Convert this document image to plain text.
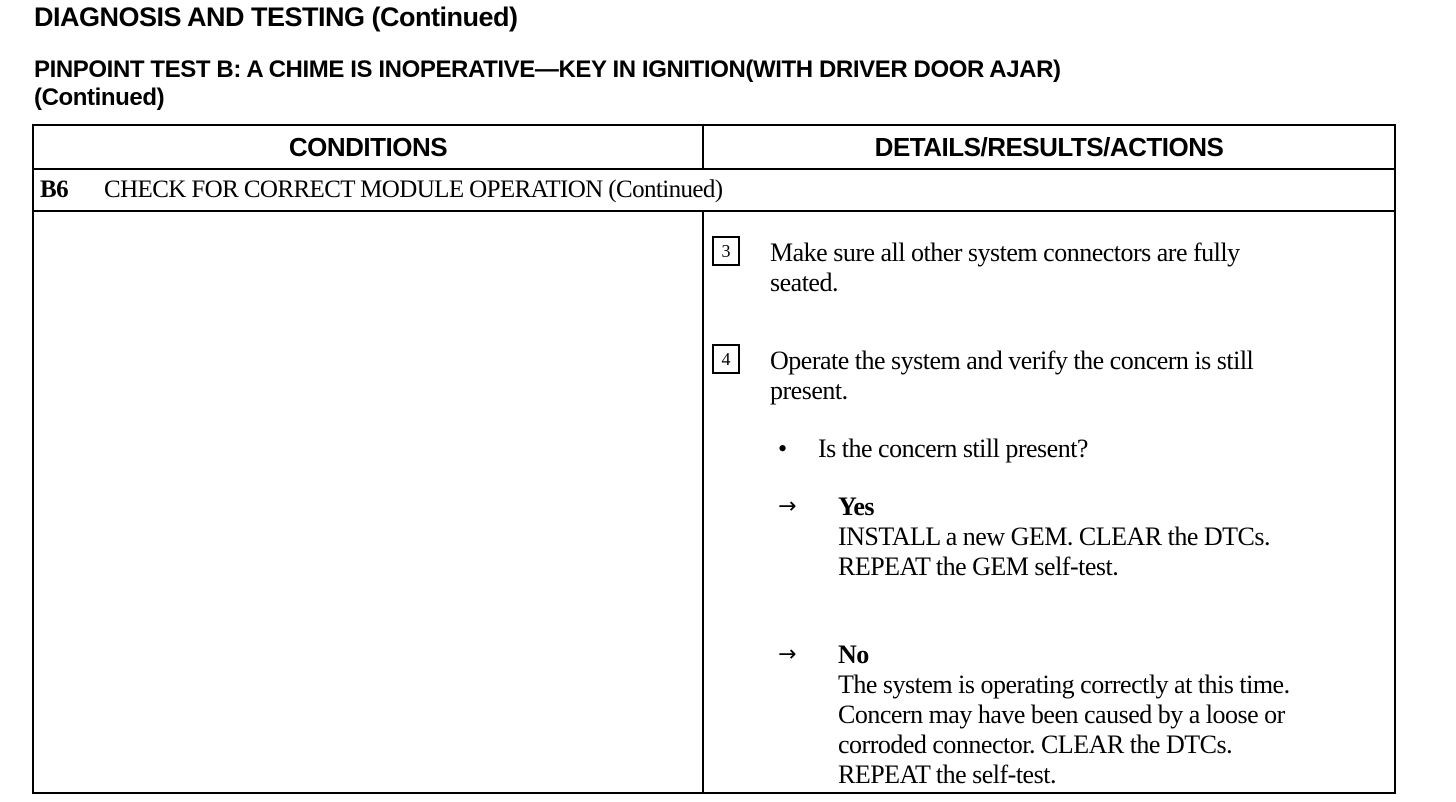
DIAGNOSIS AND TESTING (Continued)
PINPOINT TEST B: A CHIME IS INOPERATIVE—KEY IN IGNITION(WITH DRIVER DOOR AJAR)
(Continued)
CONDITIONS	DETAILS/RESULTS/ACTIONS
B6 CHECK FOR CORRECT MODULE OPERATION (Continued)
3	Make sure all other system connectors are fully
seated.
4	Operate the system and verify the concern is still
present.
• Is the concern still present?
→ Yes
INSTALL a new GEM. CLEAR the DTCs.
REPEAT the GEM self-test.
→ No
The system is operating correctly at this time.
Concern may have been caused by a loose or
corroded connector. CLEAR the DTCs.
REPEAT the self-test.
